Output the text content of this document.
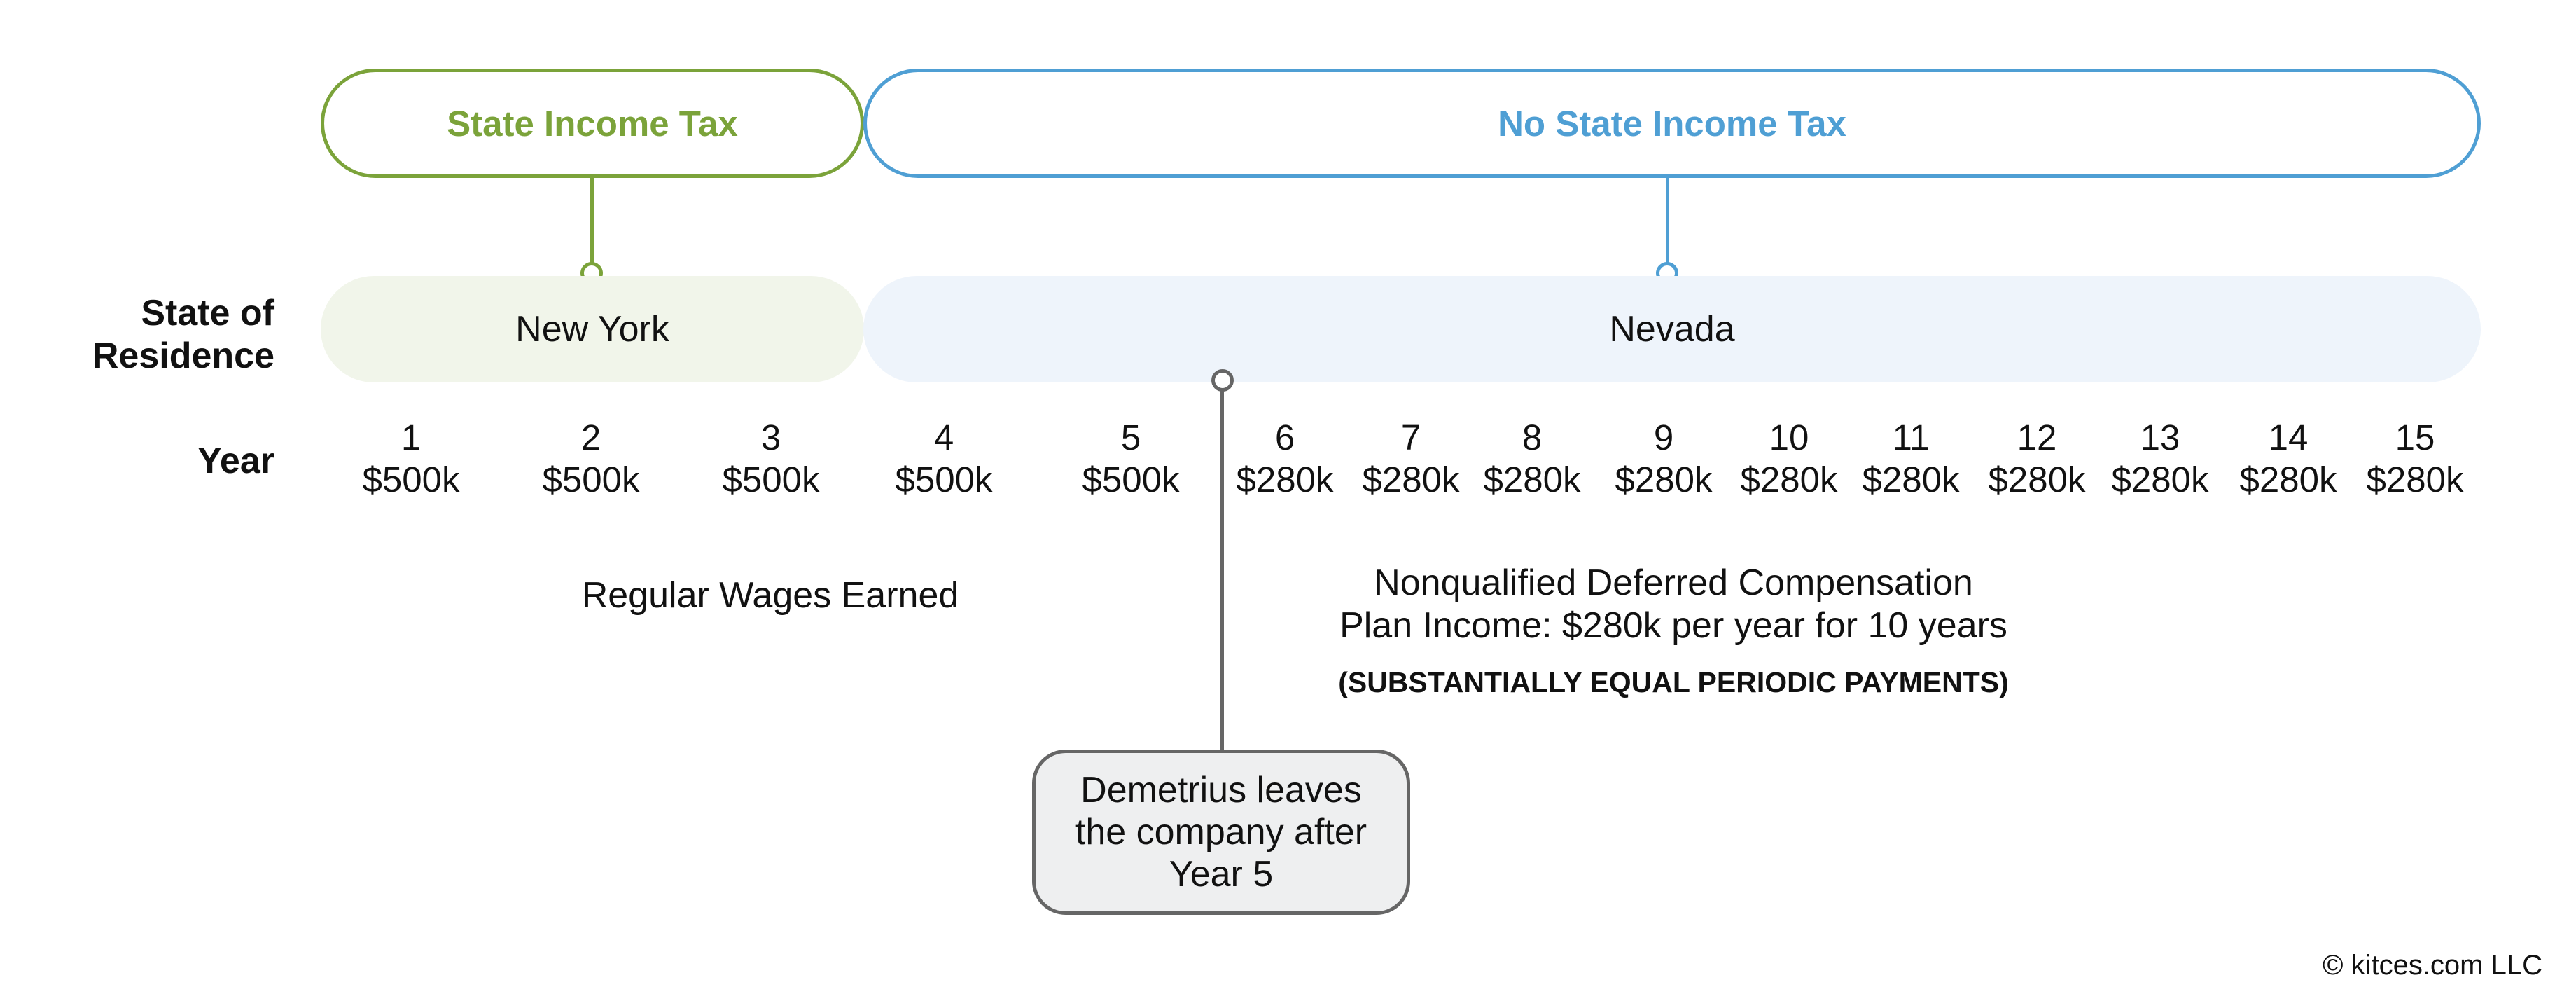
State Income Tax	No State Income Tax
State of
Residence
New York	Nevada
Year
1
$500k
2
$500k
3
$500k
4
$500k
5
$500k
6
$280k
7
$280k
8
$280k
9
$280k
10
$280k
11
$280k
12
$280k
13
$280k
14
$280k
15
$280k
Regular Wages Earned	Nonqualified Deferred Compensation
Plan Income: $280k per year for 10 years
(SUBSTANTIALLY EQUAL PERIODIC PAYMENTS)
Demetrius leaves
the company after
Year 5
© kitces.com LLC
